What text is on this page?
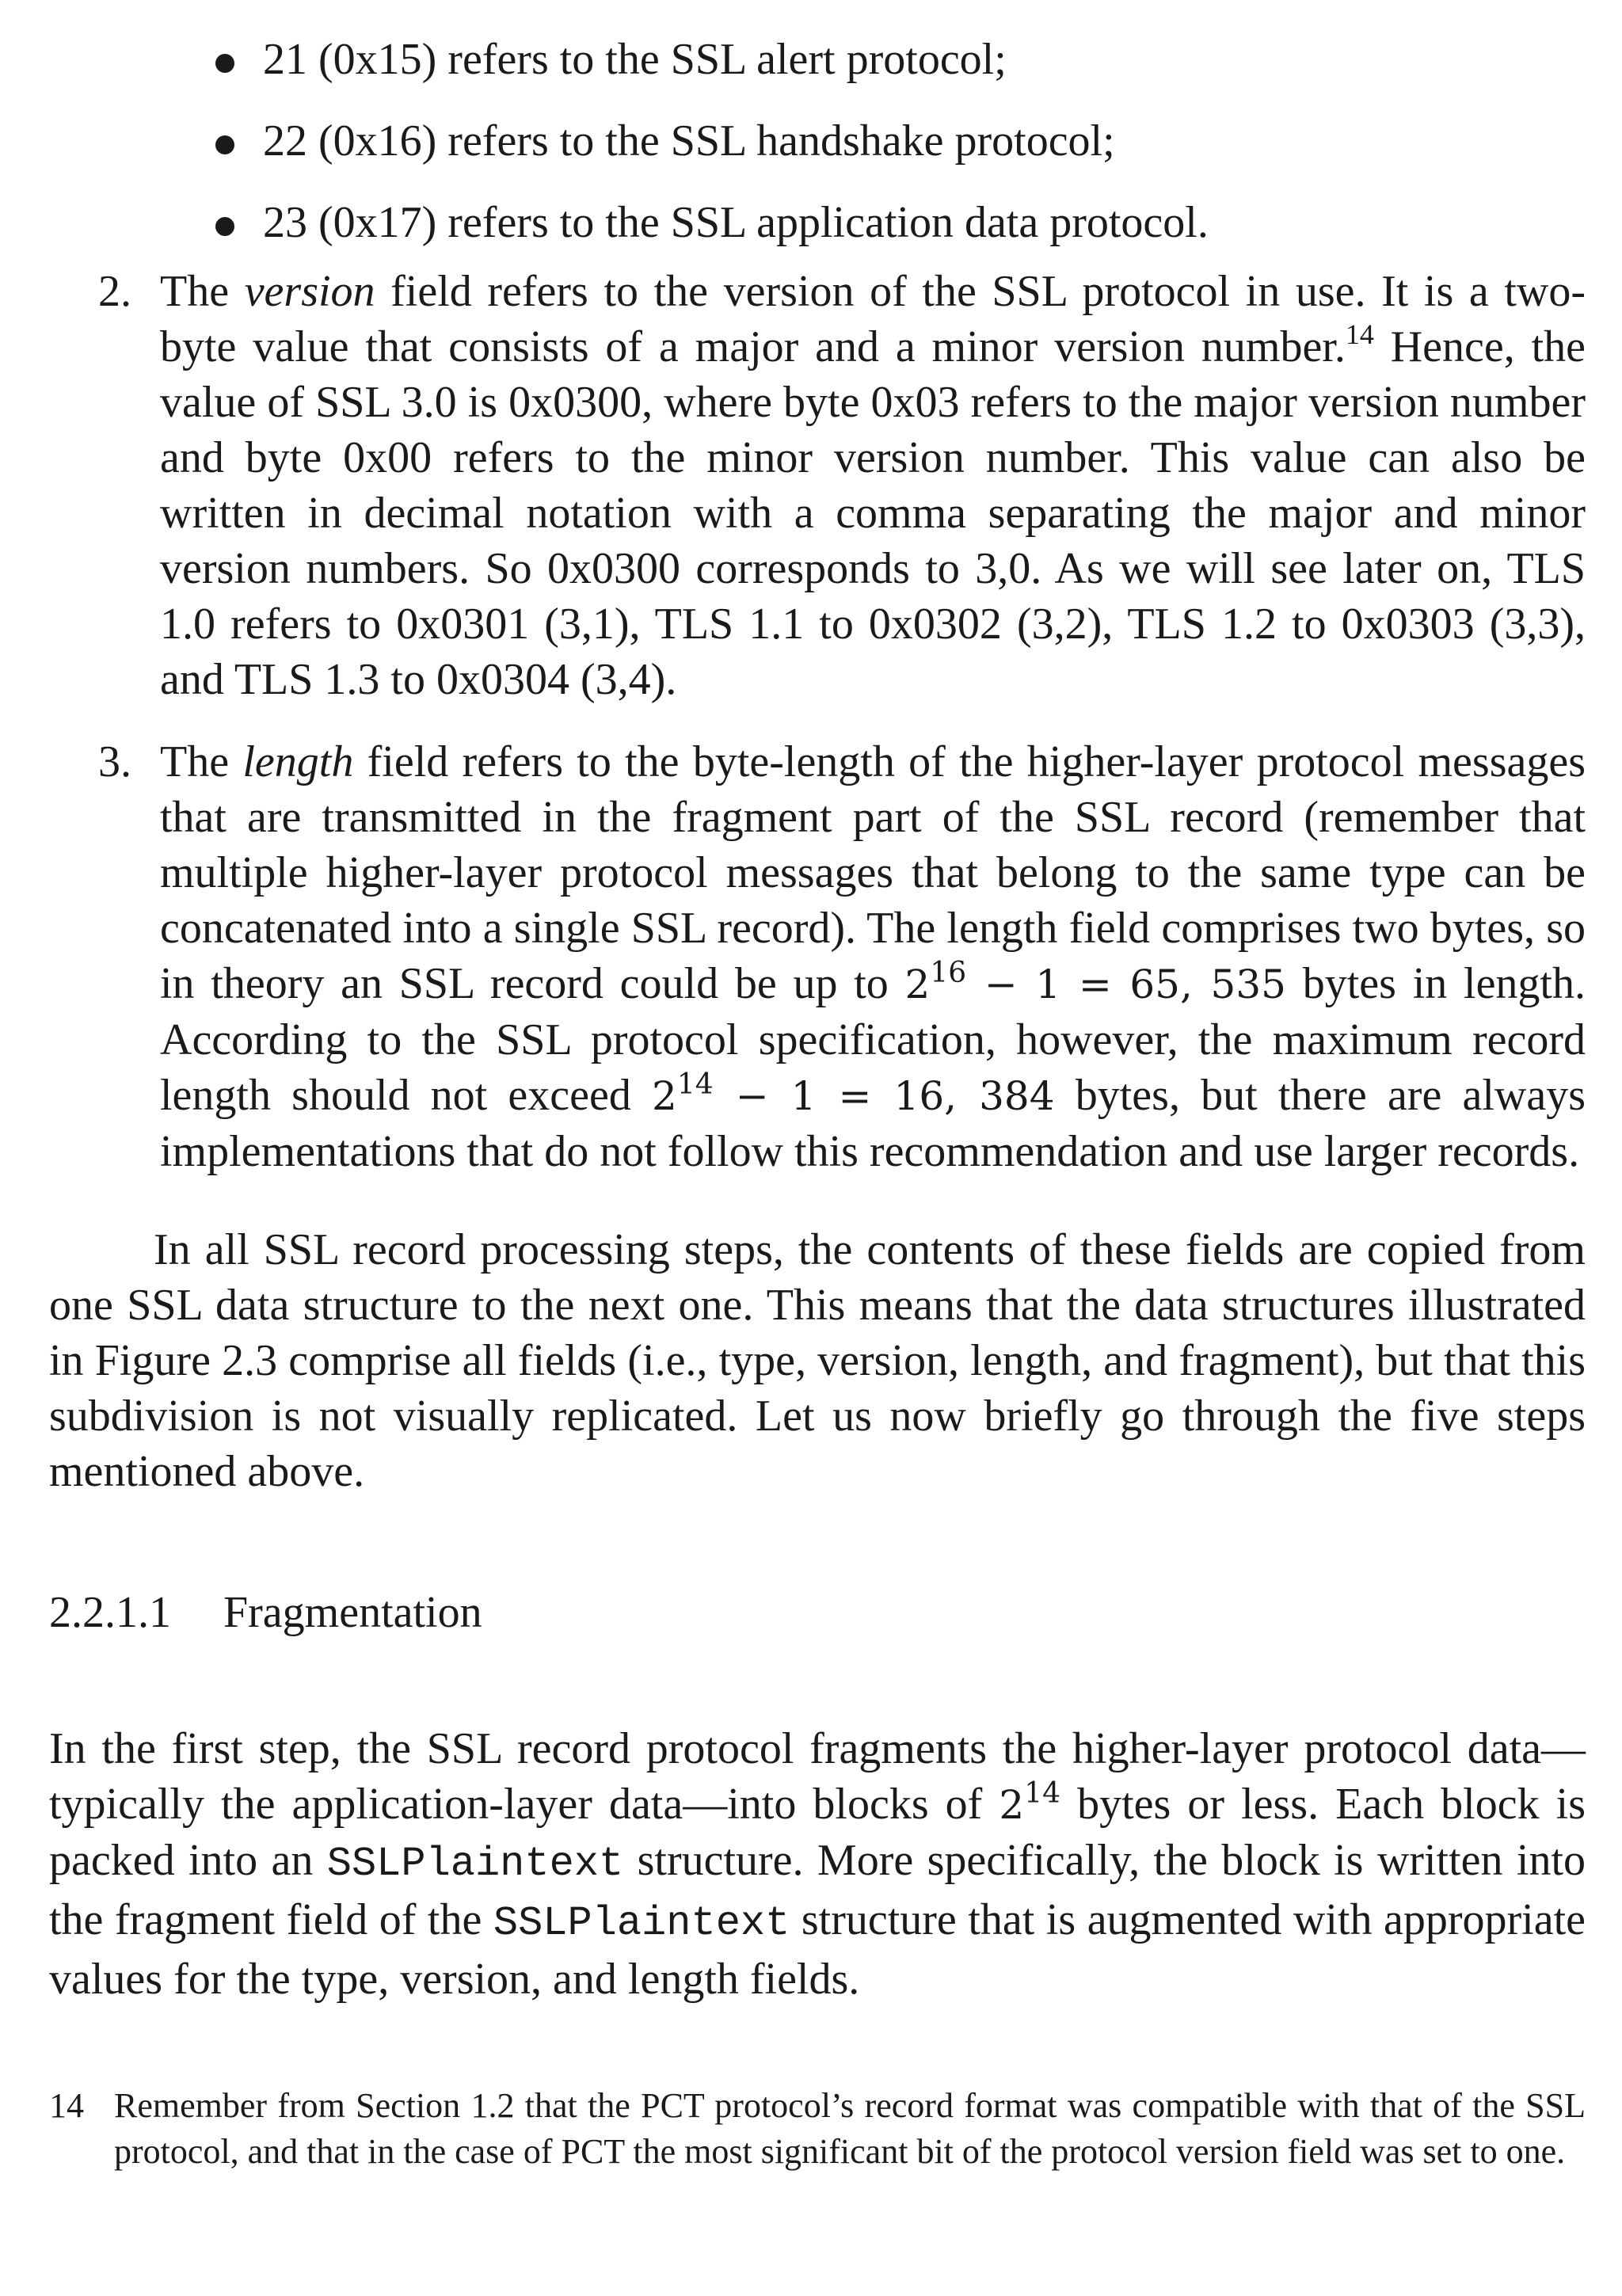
21 (0x15) refers to the SSL alert protocol;
22 (0x16) refers to the SSL handshake protocol;
23 (0x17) refers to the SSL application data protocol.
2. The version field refers to the version of the SSL protocol in use. It is a two-byte value that consists of a major and a minor version number.$^{14}$ Hence, the value of SSL 3.0 is 0x0300, where byte 0x03 refers to the major version number and byte 0x00 refers to the minor version number. This value can also be written in decimal notation with a comma separating the major and minor version numbers. So 0x0300 corresponds to 3,0. As we will see later on, TLS 1.0 refers to 0x0301 (3,1), TLS 1.1 to 0x0302 (3,2), TLS 1.2 to 0x0303 (3,3), and TLS 1.3 to 0x0304 (3,4).

3. The length field refers to the byte-length of the higher-layer protocol messages that are transmitted in the fragment part of the SSL record (remember that multiple higher-layer protocol messages that belong to the same type can be concatenated into a single SSL record). The length field comprises two bytes, so in theory an SSL record could be up to $2^{16} - 1 = 65$, 535 bytes in length. According to the SSL protocol specification, however, the maximum record length should not exceed $2^{14} - 1 = 16$, 384 bytes, but there are always implementations that do not follow this recommendation and use larger records.

In all SSL record processing steps, the contents of these fields are copied from one SSL data structure to the next one. This means that the data structures illustrated in Figure 2.3 comprise all fields (i.e., type, version, length, and fragment), but that this subdivision is not visually replicated. Let us now briefly go through the five steps mentioned above.

2.2.1.1 Fragmentation

In the first step, the SSL record protocol fragments the higher-layer protocol data—typically the application-layer data—into blocks of $2^{14}$ bytes or less. Each block is packed into an SSLPlaintext structure. More specifically, the block is written into the fragment field of the SSLPlaintext structure that is augmented with appropriate values for the type, version, and length fields.

14 Remember from Section 1.2 that the PCT protocol’s record format was compatible with that of the SSL protocol, and that in the case of PCT the most significant bit of the protocol version field was set to one.
